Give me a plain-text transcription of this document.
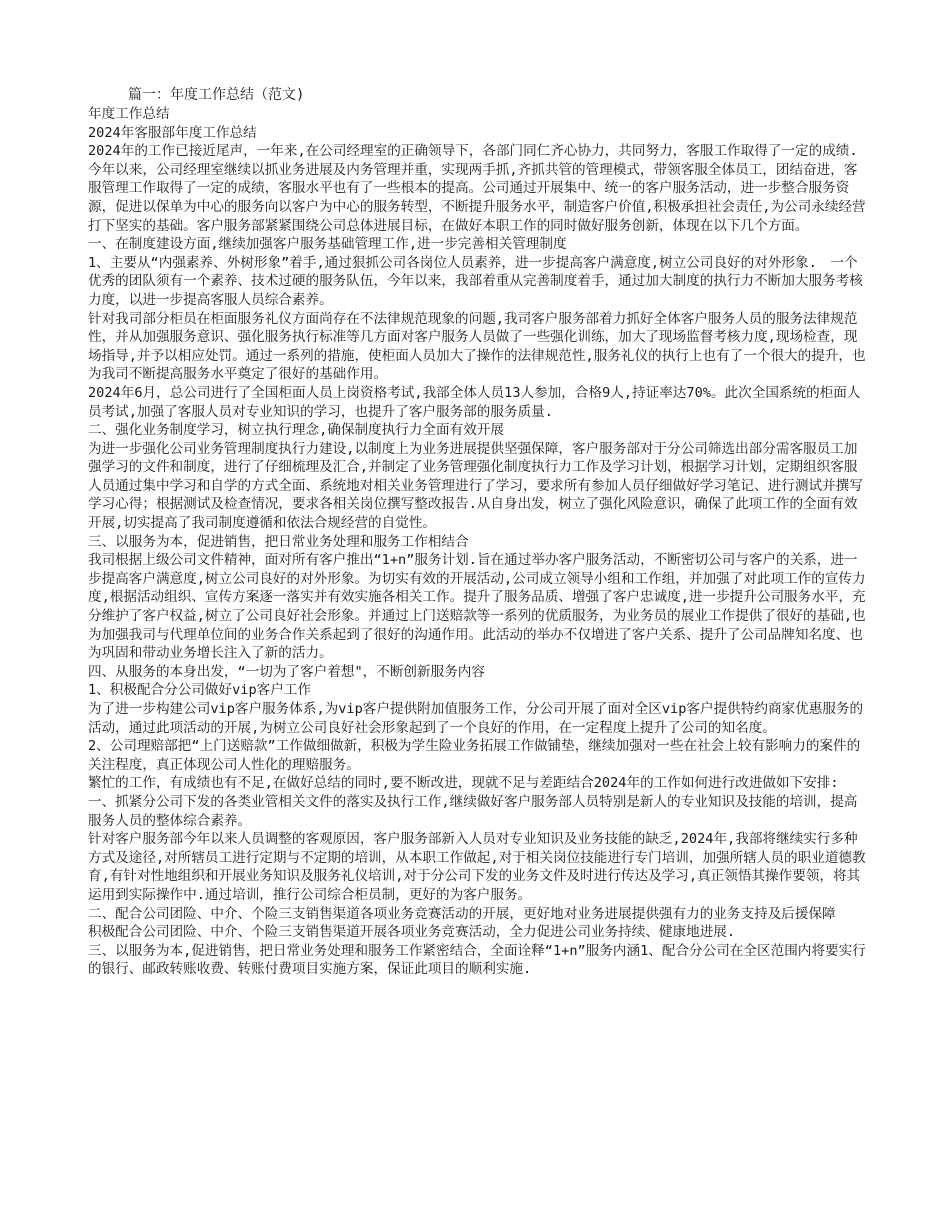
篇一：年度工作总结（范文)

年度工作总结

2024年客服部年度工作总结

2024年的工作已接近尾声，一年来,在公司经理室的正确领导下，各部门同仁齐心协力，共同努力，客服工作取得了一定的成绩.

今年以来，公司经理室继续以抓业务进展及内务管理并重，实现两手抓,齐抓共管的管理模式，带领客服全体员工，团结奋进，客服管理工作取得了一定的成绩，客服水平也有了一些根本的提高。公司通过开展集中、统一的客户服务活动，进一步整合服务资源，促进以保单为中心的服务向以客户为中心的服务转型，不断提升服务水平，制造客户价值,积极承担社会责任,为公司永续经营打下坚实的基础。客户服务部紧紧围绕公司总体进展目标，在做好本职工作的同时做好服务创新，体现在以下几个方面。

一、在制度建设方面,继续加强客户服务基础管理工作,进一步完善相关管理制度

1、主要从“内强素养、外树形象”着手,通过狠抓公司各岗位人员素养，进一步提高客户满意度,树立公司良好的对外形象.　一个优秀的团队须有一个素养、技术过硬的服务队伍，今年以来，我部着重从完善制度着手，通过加大制度的执行力不断加大服务考核力度，以进一步提高客服人员综合素养。

针对我司部分柜员在柜面服务礼仪方面尚存在不法律规范现象的问题,我司客户服务部着力抓好全体客户服务人员的服务法律规范性，并从加强服务意识、强化服务执行标准等几方面对客户服务人员做了一些强化训练，加大了现场监督考核力度,现场检查，现场指导,并予以相应处罚。通过一系列的措施，使柜面人员加大了操作的法律规范性,服务礼仪的执行上也有了一个很大的提升，也为我司不断提高服务水平奠定了很好的基础作用。

2024年6月，总公司进行了全国柜面人员上岗资格考试,我部全体人员13人参加，合格9人,持证率达70%。此次全国系统的柜面人员考试,加强了客服人员对专业知识的学习，也提升了客户服务部的服务质量.

二、强化业务制度学习，树立执行理念,确保制度执行力全面有效开展

为进一步强化公司业务管理制度执行力建设,以制度上为业务进展提供坚强保障，客户服务部对于分公司筛选出部分需客服员工加强学习的文件和制度，进行了仔细梳理及汇合,并制定了业务管理强化制度执行力工作及学习计划，根据学习计划，定期组织客服人员通过集中学习和自学的方式全面、系统地对相关业务管理进行了学习，要求所有参加人员仔细做好学习笔记、进行测试并撰写学习心得；根据测试及检查情况，要求各相关岗位撰写整改报告.从自身出发，树立了强化风险意识，确保了此项工作的全面有效开展,切实提高了我司制度遵循和依法合规经营的自觉性。

三、以服务为本，促进销售，把日常业务处理和服务工作相结合

我司根据上级公司文件精神，面对所有客户推出“1+n”服务计划.旨在通过举办客户服务活动，不断密切公司与客户的关系，进一步提高客户满意度,树立公司良好的对外形象。为切实有效的开展活动,公司成立领导小组和工作组，并加强了对此项工作的宣传力度,根据活动组织、宣传方案逐一落实并有效实施各相关工作。提升了服务品质、增强了客户忠诚度,进一步提升公司服务水平，充分维护了客户权益,树立了公司良好社会形象。并通过上门送赔款等一系列的优质服务，为业务员的展业工作提供了很好的基础,也为加强我司与代理单位间的业务合作关系起到了很好的沟通作用。此活动的举办不仅增进了客户关系、提升了公司品牌知名度、也为巩固和带动业务增长注入了新的活力。

四、从服务的本身出发，“一切为了客户着想"，不断创新服务内容

1、积极配合分公司做好vip客户工作

为了进一步构建公司vip客户服务体系,为vip客户提供附加值服务工作，分公司开展了面对全区vip客户提供特约商家优惠服务的活动，通过此项活动的开展,为树立公司良好社会形象起到了一个良好的作用，在一定程度上提升了公司的知名度。

2、公司理赔部把“上门送赔款”工作做细做新，积极为学生险业务拓展工作做铺垫，继续加强对一些在社会上较有影响力的案件的关注程度，真正体现公司人性化的理赔服务。

繁忙的工作，有成绩也有不足,在做好总结的同时,要不断改进，现就不足与差距结合2024年的工作如何进行改进做如下安排:

一、抓紧分公司下发的各类业管相关文件的落实及执行工作,继续做好客户服务部人员特别是新人的专业知识及技能的培训，提高服务人员的整体综合素养。

针对客户服务部今年以来人员调整的客观原因，客户服务部新入人员对专业知识及业务技能的缺乏,2024年,我部将继续实行多种方式及途径,对所辖员工进行定期与不定期的培训，从本职工作做起,对于相关岗位技能进行专门培训，加强所辖人员的职业道德教育,有针对性地组织和开展业务知识及服务礼仪培训,对于分公司下发的业务文件及时进行传达及学习,真正领悟其操作要领，将其运用到实际操作中.通过培训，推行公司综合柜员制，更好的为客户服务。

二、配合公司团险、中介、个险三支销售渠道各项业务竞赛活动的开展，更好地对业务进展提供强有力的业务支持及后援保障

积极配合公司团险、中介、个险三支销售渠道开展各项业务竞赛活动，全力促进公司业务持续、健康地进展.

三、以服务为本,促进销售，把日常业务处理和服务工作紧密结合，全面诠释“1+n”服务内涵1、配合分公司在全区范围内将要实行的银行、邮政转账收费、转账付费项目实施方案，保证此项目的顺利实施.
